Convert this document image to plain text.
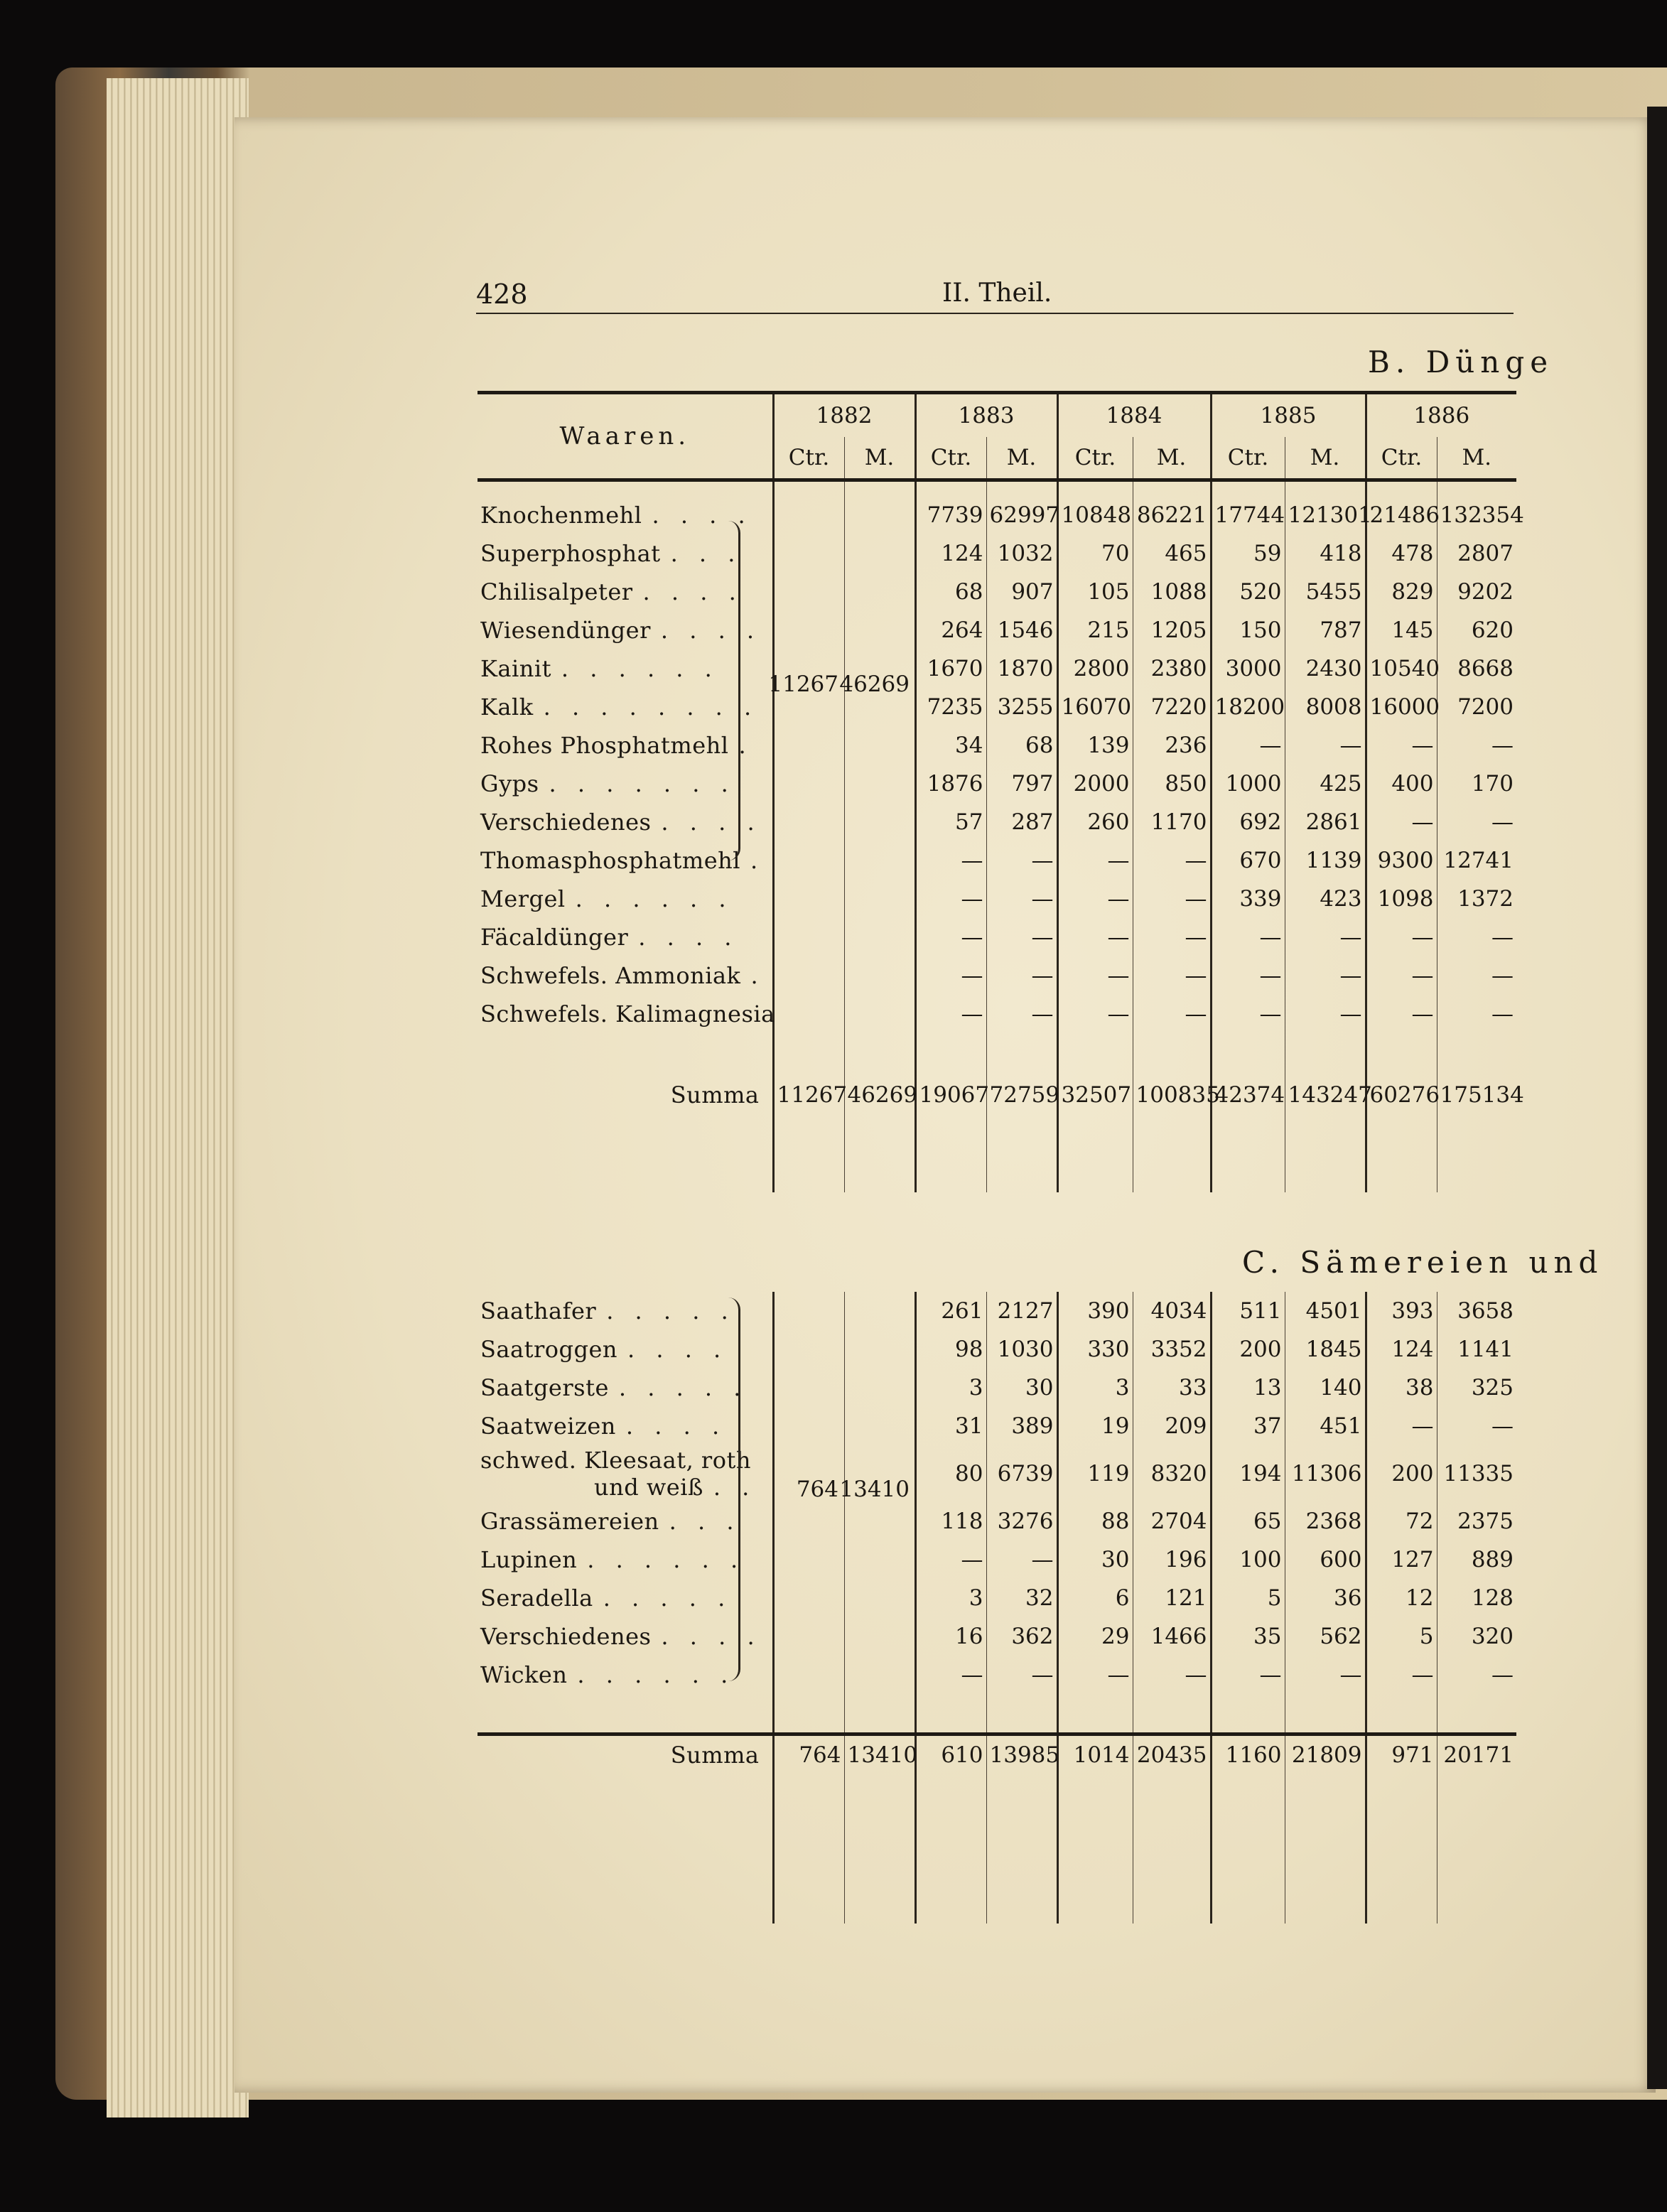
428	II. Theil.
B. Dünge
Waaren.	1882		1883		1884		1885		1886	
	Ctr.	M.	Ctr.	M.	Ctr.	M.	Ctr.	M.	Ctr.	M.
Knochenmehl . . . .			7739	62997	10848	86221	17744	121301	21486	132354
Superphosphat . . .			124	1032	70	465	59	418	478	2807
Chilisalpeter . . . .			68	907	105	1088	520	5455	829	9202
Wiesendünger . . . .			264	1546	215	1205	150	787	145	620
Kainit . . . . . .			1670	1870	2800	2380	3000	2430	10540	8668
Kalk . . . . . . . .			7235	3255	16070	7220	18200	8008	16000	7200
Rohes Phosphatmehl .			34	68	139	236	—	—	—	—
Gyps . . . . . . .			1876	797	2000	850	1000	425	400	170
Verschiedenes . . . .			57	287	260	1170	692	2861	—	—
Thomasphosphatmehl .			—	—	—	—	670	1139	9300	12741
Mergel . . . . . .			—	—	—	—	339	423	1098	1372
Fäcaldünger . . . .			—	—	—	—	—	—	—	—
Schwefels. Ammoniak .			—	—	—	—	—	—	—	—
Schwefels. Kalimagnesia			—	—	—	—	—	—	—	—

Summa	11267	46269	19067	72759	32507	100835	42374	143247	60276	175134

11267 46269
C. Sämereien und
Saathafer . . . . .			261	2127	390	4034	511	4501	393	3658
Saatroggen . . . .			98	1030	330	3352	200	1845	124	1141
Saatgerste . . . . .			3	30	3	33	13	140	38	325
Saatweizen . . . .			31	389	19	209	37	451	—	—
schwed. Kleesaat, roth
und weiß . .			80	6739	119	8320	194	11306	200	11335
Grassämereien . . .			118	3276	88	2704	65	2368	72	2375
Lupinen . . . . . .			—	—	30	196	100	600	127	889
Seradella . . . . .			3	32	6	121	5	36	12	128
Verschiedenes . . . .			16	362	29	1466	35	562	5	320
Wicken . . . . . .			—	—	—	—	—	—	—	—

Summa	764	13410	610	13985	1014	20435	1160	21809	971	20171

764 13410
